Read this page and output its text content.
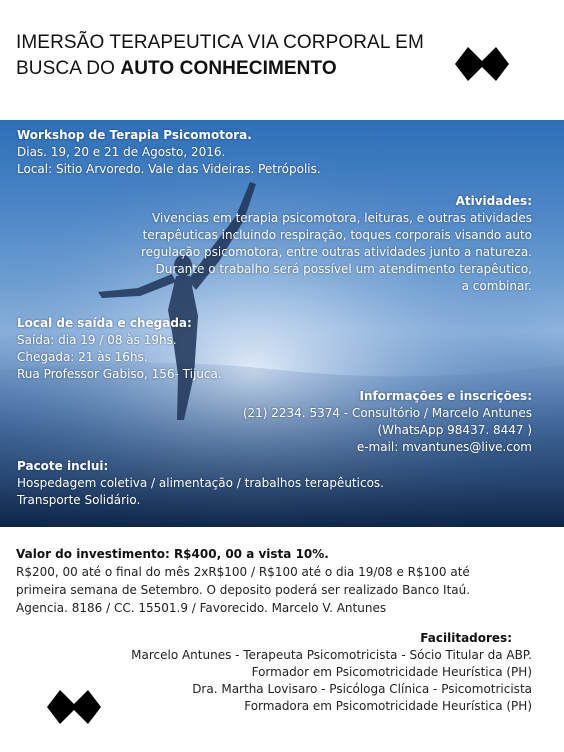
IMERSÃO TERAPEUTICA VIA CORPORAL EM
BUSCA DO AUTO CONHECIMENTO
Workshop de Terapia Psicomotora.
Dias. 19, 20 e 21 de Agosto, 2016.
Local: Sitio Arvoredo. Vale das Videiras. Petrópolis.
Atividades:
Vivencias em terapia psicomotora, leituras, e outras atividades
terapêuticas incluindo respiração, toques corporais visando auto
regulação psicomotora, entre outras atividades junto a natureza.
Durante o trabalho será possível um atendimento terapêutico,
a combinar.
Local de saída e chegada:
Saída: dia 19 / 08 às 19hs.
Chegada: 21 às 16hs.
Rua Professor Gabiso, 156- Tijuca.
Informações e inscrições:
(21) 2234. 5374 - Consultório / Marcelo Antunes
(WhatsApp 98437. 8447 )
e-mail: mvantunes@live.com
Pacote inclui:
Hospedagem coletiva / alimentação / trabalhos terapêuticos.
Transporte Solidário.
Valor do investimento: R$400, 00 a vista 10%.
R$200, 00 até o final do mês 2xR$100 / R$100 até o dia 19/08 e R$100 até
primeira semana de Setembro. O deposito poderá ser realizado Banco Itaú.
Agencia. 8186 / CC. 15501.9 / Favorecido. Marcelo V. Antunes
Facilitadores:
Marcelo Antunes - Terapeuta Psicomotricista - Sócio Titular da ABP.
Formador em Psicomotricidade Heurística (PH)
Dra. Martha Lovisaro - Psicóloga Clínica - Psicomotricista
Formadora em Psicomotricidade Heurística (PH)
